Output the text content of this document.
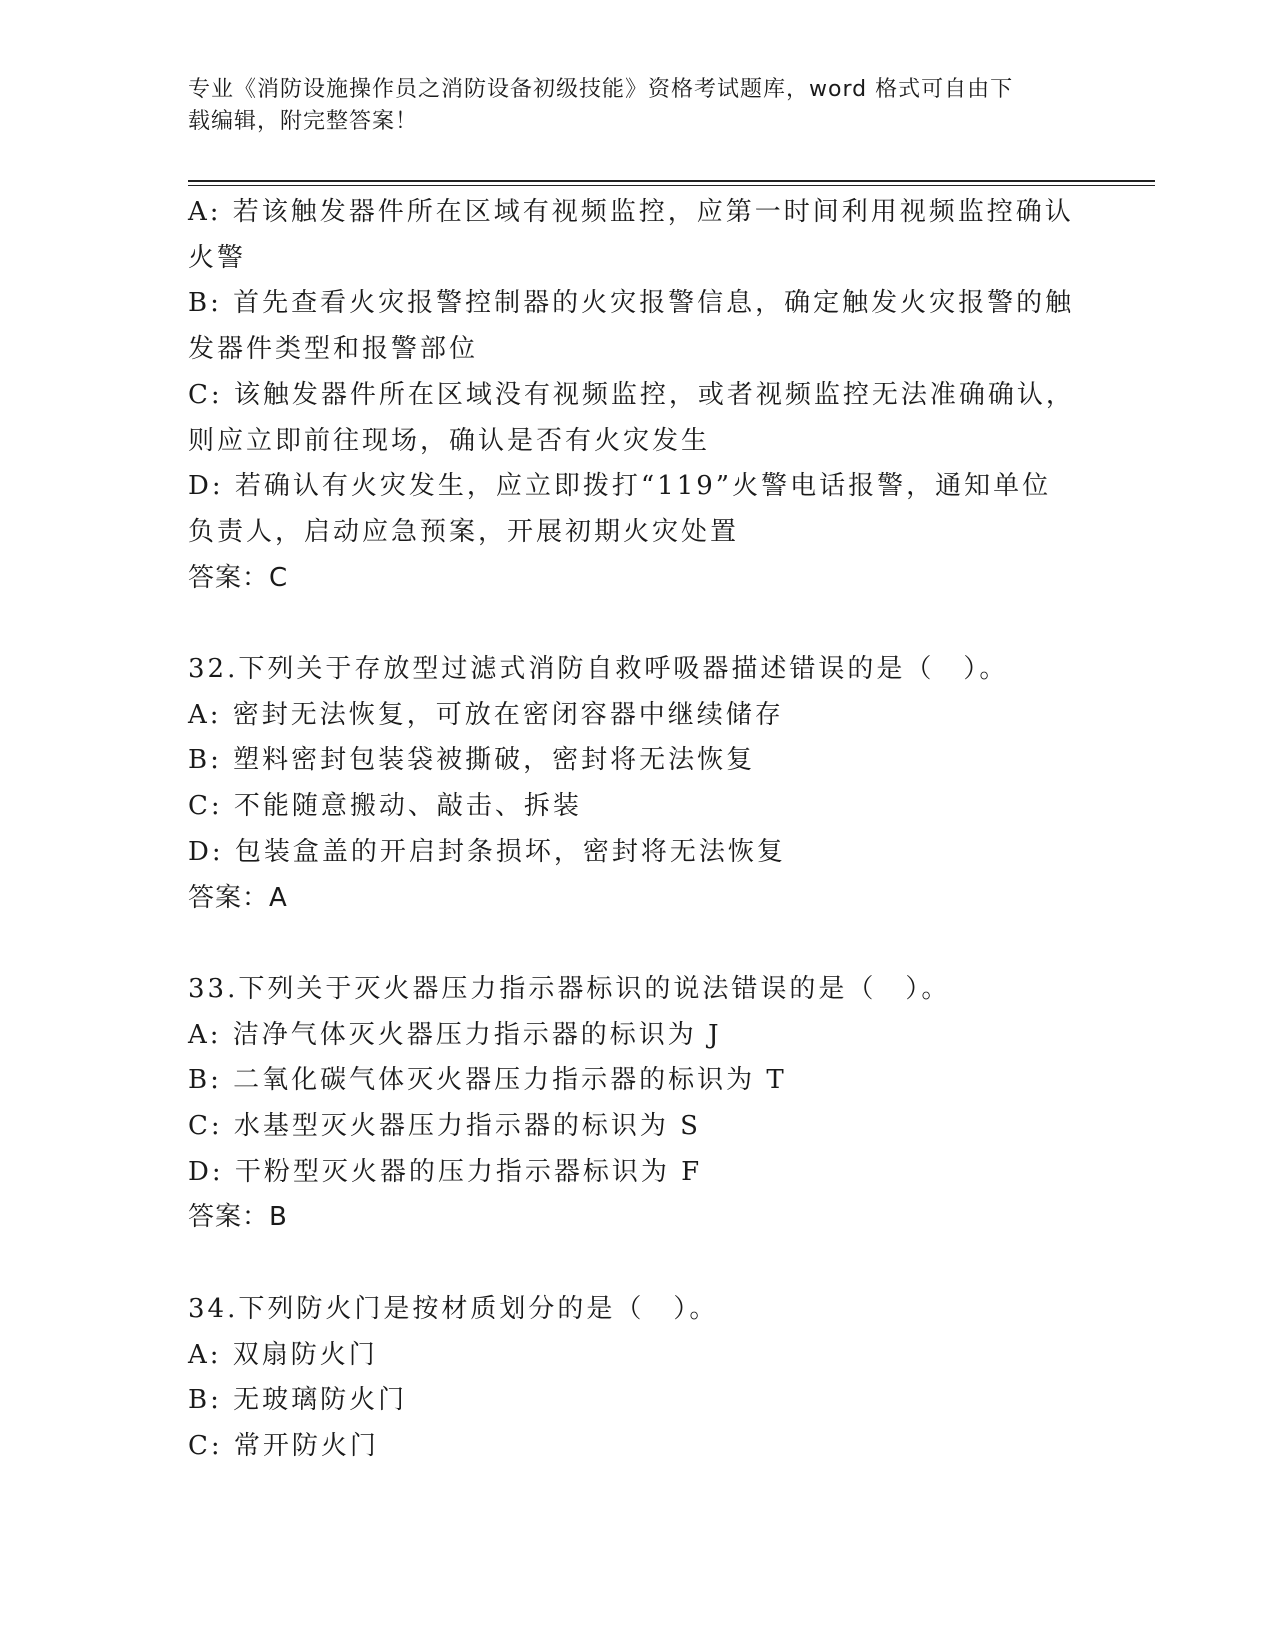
专业《消防设施操作员之消防设备初级技能》资格考试题库，word 格式可自由下
载编辑，附完整答案！
A: 若该触发器件所在区域有视频监控，应第一时间利用视频监控确认
火警
B: 首先查看火灾报警控制器的火灾报警信息，确定触发火灾报警的触
发器件类型和报警部位
C: 该触发器件所在区域没有视频监控，或者视频监控无法准确确认，
则应立即前往现场，确认是否有火灾发生
D: 若确认有火灾发生，应立即拨打“119”火警电话报警，通知单位
负责人，启动应急预案，开展初期火灾处置
答案：C
32.下列关于存放型过滤式消防自救呼吸器描述错误的是（　）。
A: 密封无法恢复，可放在密闭容器中继续储存
B: 塑料密封包装袋被撕破，密封将无法恢复
C: 不能随意搬动、敲击、拆装
D: 包装盒盖的开启封条损坏，密封将无法恢复
答案：A
33.下列关于灭火器压力指示器标识的说法错误的是（　）。
A: 洁净气体灭火器压力指示器的标识为 J
B: 二氧化碳气体灭火器压力指示器的标识为 T
C: 水基型灭火器压力指示器的标识为 S
D: 干粉型灭火器的压力指示器标识为 F
答案：B
34.下列防火门是按材质划分的是（　）。
A: 双扇防火门
B: 无玻璃防火门
C: 常开防火门
